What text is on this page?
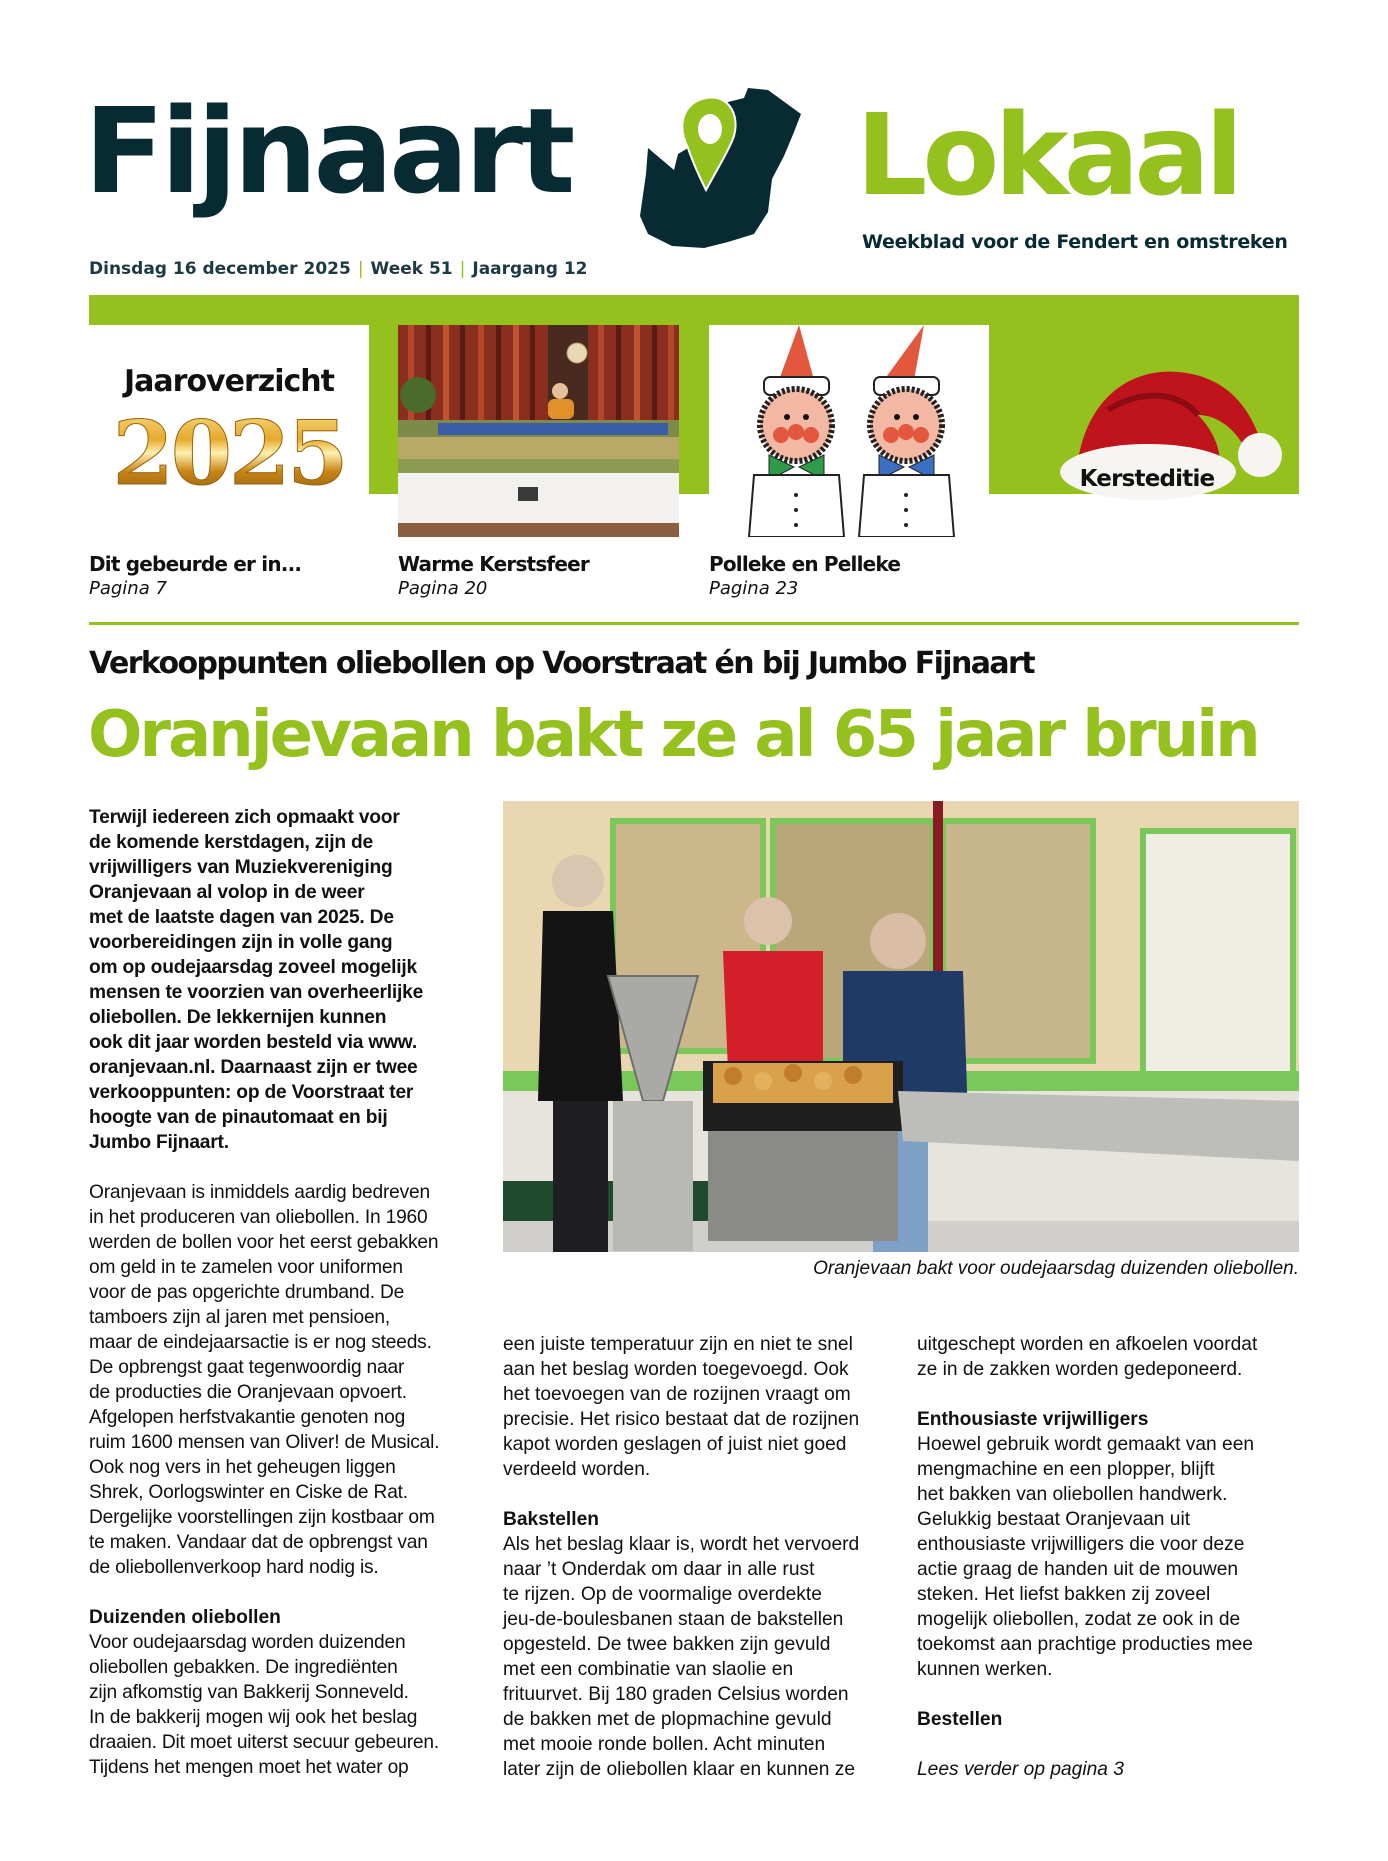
Fijnaart	Lokaal
Weekblad voor de Fendert en omstreken
Dinsdag 16 december 2025 | Week 51 | Jaargang 12
Jaaroverzicht
2025	Kersteditie
Dit gebeurde er in...
Pagina 7
Warme Kerstsfeer
Pagina 20
Polleke en Pelleke
Pagina 23
Verkooppunten oliebollen op Voorstraat én bij Jumbo Fijnaart
Oranjevaan bakt ze al 65 jaar bruin
Terwijl iedereen zich opmaakt voor
de komende kerstdagen, zijn de
vrijwilligers van Muziekvereniging
Oranjevaan al volop in de weer
met de laatste dagen van 2025. De
voorbereidingen zijn in volle gang
om op oudejaarsdag zoveel mogelijk
mensen te voorzien van overheerlijke
oliebollen. De lekkernijen kunnen
ook dit jaar worden besteld via www.
oranjevaan.nl. Daarnaast zijn er twee
verkooppunten: op de Voorstraat ter
hoogte van de pinautomaat en bij
Jumbo Fijnaart.
Oranjevaan is inmiddels aardig bedreven
in het produceren van oliebollen. In 1960
werden de bollen voor het eerst gebakken
om geld in te zamelen voor uniformen
voor de pas opgerichte drumband. De
tamboers zijn al jaren met pensioen,
maar de eindejaarsactie is er nog steeds.
De opbrengst gaat tegenwoordig naar
de producties die Oranjevaan opvoert.
Afgelopen herfstvakantie genoten nog
ruim 1600 mensen van Oliver! de Musical.
Ook nog vers in het geheugen liggen
Shrek, Oorlogswinter en Ciske de Rat.
Dergelijke voorstellingen zijn kostbaar om
te maken. Vandaar dat de opbrengst van
de oliebollenverkoop hard nodig is.

Duizenden oliebollen

Voor oudejaarsdag worden duizenden
oliebollen gebakken. De ingrediënten
zijn afkomstig van Bakkerij Sonneveld.
In de bakkerij mogen wij ook het beslag
draaien. Dit moet uiterst secuur gebeuren.
Tijdens het mengen moet het water op
Oranjevaan bakt voor oudejaarsdag duizenden oliebollen.
een juiste temperatuur zijn en niet te snel
aan het beslag worden toegevoegd. Ook
het toevoegen van de rozijnen vraagt om
precisie. Het risico bestaat dat de rozijnen
kapot worden geslagen of juist niet goed
verdeeld worden.

Bakstellen

Als het beslag klaar is, wordt het vervoerd
naar ’t Onderdak om daar in alle rust
te rijzen. Op de voormalige overdekte
jeu-de-boulesbanen staan de bakstellen
opgesteld. De twee bakken zijn gevuld
met een combinatie van slaolie en
frituurvet. Bij 180 graden Celsius worden
de bakken met de plopmachine gevuld
met mooie ronde bollen. Acht minuten
later zijn de oliebollen klaar en kunnen ze
uitgeschept worden en afkoelen voordat
ze in de zakken worden gedeponeerd.

Enthousiaste vrijwilligers

Hoewel gebruik wordt gemaakt van een
mengmachine en een plopper, blijft
het bakken van oliebollen handwerk.
Gelukkig bestaat Oranjevaan uit
enthousiaste vrijwilligers die voor deze
actie graag de handen uit de mouwen
steken. Het liefst bakken zij zoveel
mogelijk oliebollen, zodat ze ook in de
toekomst aan prachtige producties mee
kunnen werken.

Bestellen

Lees verder op pagina 3
